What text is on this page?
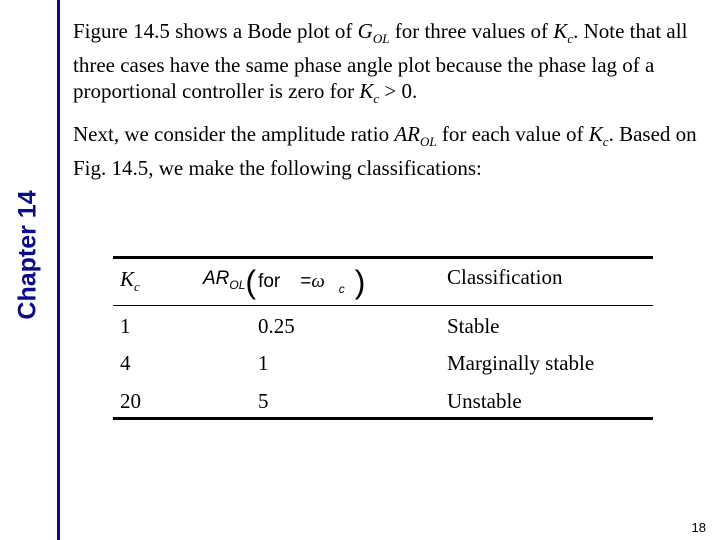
Chapter 14

Figure 14.5 shows a Bode plot of $G_{OL}$ for three values of $K_c$. Note that all three cases have the same phase angle plot because the phase lag of a proportional controller is zero for $K_c > 0$.

Next, we consider the amplitude ratio $AR_{OL}$ for each value of $K_c$. Based on Fig. 14.5, we make the following classifications:

$K_c$	$AR_{OL}$ ( for = ω c )	Classification
1	0.25	Stable
4	1	Marginally stable
20	5	Unstable
18
